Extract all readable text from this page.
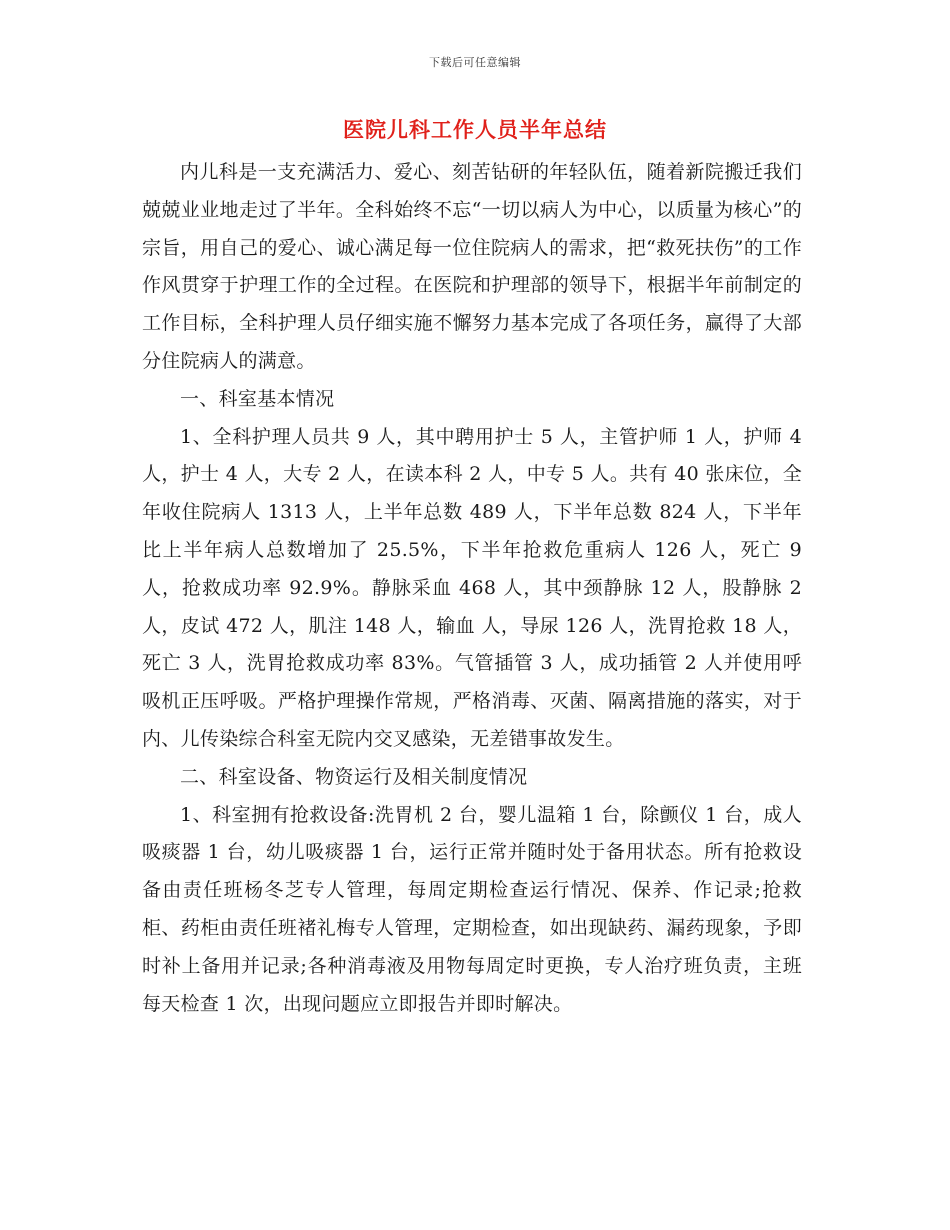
下载后可任意编辑
医院儿科工作人员半年总结

内儿科是一支充满活力、爱心、刻苦钻研的年轻队伍，随着新院搬迁我们兢兢业业地走过了半年。全科始终不忘“一切以病人为中心，以质量为核心”的宗旨，用自己的爱心、诚心满足每一位住院病人的需求，把“救死扶伤”的工作作风贯穿于护理工作的全过程。在医院和护理部的领导下，根据半年前制定的工作目标，全科护理人员仔细实施不懈努力基本完成了各项任务，赢得了大部分住院病人的满意。

一、科室基本情况

1、全科护理人员共 9 人，其中聘用护士 5 人，主管护师 1 人，护师 4 人，护士 4 人，大专 2 人，在读本科 2 人，中专 5 人。共有 40 张床位，全年收住院病人 1313 人，上半年总数 489 人，下半年总数 824 人，下半年比上半年病人总数增加了 25.5%，下半年抢救危重病人 126 人，死亡 9 人，抢救成功率 92.9%。静脉采血 468 人，其中颈静脉 12 人，股静脉 2 人，皮试 472 人，肌注 148 人，输血 人，导尿 126 人，洗胃抢救 18 人，死亡 3 人，洗胃抢救成功率 83%。气管插管 3 人，成功插管 2 人并使用呼吸机正压呼吸。严格护理操作常规，严格消毒、灭菌、隔离措施的落实，对于内、儿传染综合科室无院内交叉感染，无差错事故发生。

二、科室设备、物资运行及相关制度情况

1、科室拥有抢救设备:洗胃机 2 台，婴儿温箱 1 台，除颤仪 1 台，成人吸痰器 1 台，幼儿吸痰器 1 台，运行正常并随时处于备用状态。所有抢救设备由责任班杨冬芝专人管理，每周定期检查运行情况、保养、作记录;抢救柜、药柜由责任班褚礼梅专人管理，定期检查，如出现缺药、漏药现象，予即时补上备用并记录;各种消毒液及用物每周定时更换，专人治疗班负责，主班每天检查 1 次，出现问题应立即报告并即时解决。
